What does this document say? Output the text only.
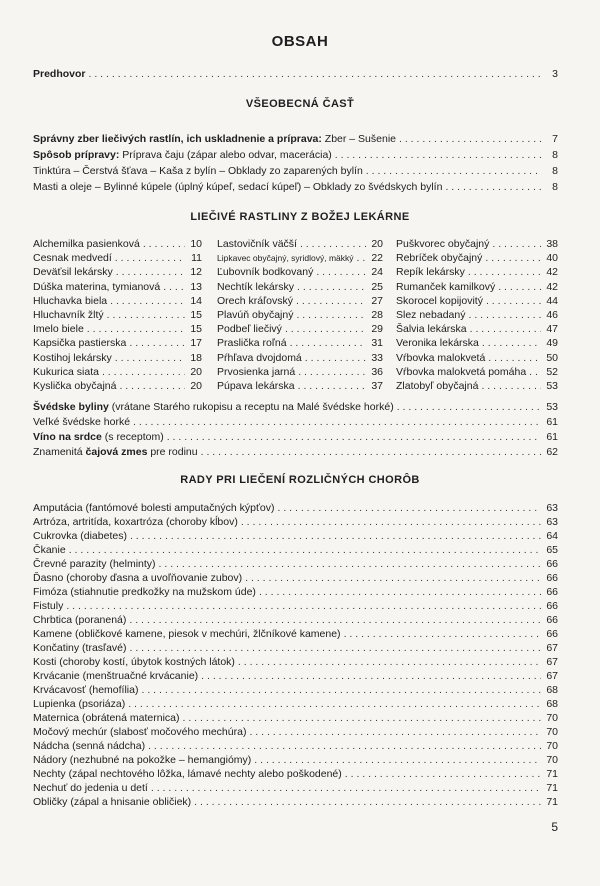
OBSAH
Predhovor . . .	3
VŠEOBECNÁ ČASŤ
Správny zber liečivých rastlín, ich uskladnenie a príprava: Zber – Sušenie . . .	7
Spôsob prípravy: Príprava čaju (zápar alebo odvar, macerácia) . . .	8
Tinktúra – Čerstvá šťava – Kaša z bylín – Obklady zo zaparených bylín . . .	8
Masti a oleje – Bylinné kúpele (úplný kúpeľ, sedací kúpeľ) – Obklady zo švédskych bylín . . .	8
LIEČIVÉ RASTLINY Z BOŽEJ LEKÁRNE
Alchemilka pasienková . . .	10
Cesnak medvedí . . .	11
Deväťsil lekársky . . .	12
Dúška materina, tymianová . . .	13
Hluchavka biela . . .	14
Hluchavník žltý . . .	15
Imelo biele . . .	15
Kapsička pastierska . . .	17
Kostihoj lekársky . . .	18
Kukurica siata . . .	20
Kyslička obyčajná . . .	20
Lastovičník väčší . . .	20
Lipkavec obyčajný, syridlový, mäkký . . . 22
Ľubovník bodkovaný . . .	24
Nechtík lekársky . . .	25
Orech kráľovský . . .	27
Plavúň obyčajný . . .	28
Podbeľ liečivý . . .	29
Praslička roľná . . .	31
Pŕhľava dvojdomá . . .	33
Prvosienka jarná . . .	36
Púpava lekárska . . .	37
Puškvorec obyčajný . . .	38
Rebríček obyčajný . . .	40
Repík lekársky . . .	42
Rumanček kamilkový . . .	42
Skorocel kopijovitý . . .	44
Slez nebadaný . . .	46
Šalvia lekárska . . .	47
Veronika lekárska . . .	49
Vŕbovka malokvetá . . .	50
Vŕbovka malokvetá pomáha . . . 52
Zlatobyľ obyčajná . . .	53
Švédske byliny (vrátane Starého rukopisu a receptu na Malé švédske horké) . . .	53
Veľké švédske horké . . .	61
Víno na srdce (s receptom) . . .	61
Znamenitá čajová zmes pre rodinu . . .	62
RADY PRI LIEČENÍ ROZLIČNÝCH CHORÔB
Amputácia (fantómové bolesti amputačných kýpťov) . . .	63
Artróza, artritída, koxartróza (choroby kĺbov) . . .	63
Cukrovka (diabetes) . . .	64
Čkanie . . .	65
Črevné parazity (helminty) . . .	66
Ďasno (choroby ďasna a uvoľňovanie zubov) . . .	66
Fimóza (stiahnutie predkožky na mužskom úde) . . .	66
Fistuly . . .	66
Chrbtica (poranená) . . .	66
Kamene (obličkové kamene, piesok v mechúri, žlčníkové kamene) . . .	66
Končatiny (trasľavé) . . .	67
Kosti (choroby kostí, úbytok kostných látok) . . .	67
Krvácanie (menštruačné krvácanie) . . .	67
Krvácavosť (hemofília) . . .	68
Lupienka (psoriáza) . . .	68
Maternica (obrátená maternica) . . .	70
Močový mechúr (slabosť močového mechúra) . . .	70
Nádcha (senná nádcha) . . .	70
Nádory (nezhubné na pokožke – hemangiómy) . . .	70
Nechty (zápal nechtového lôžka, lámavé nechty alebo poškodené) . . .	71
Nechuť do jedenia u detí . . .	71
Obličky (zápal a hnisanie obličiek) . . .	71
5
